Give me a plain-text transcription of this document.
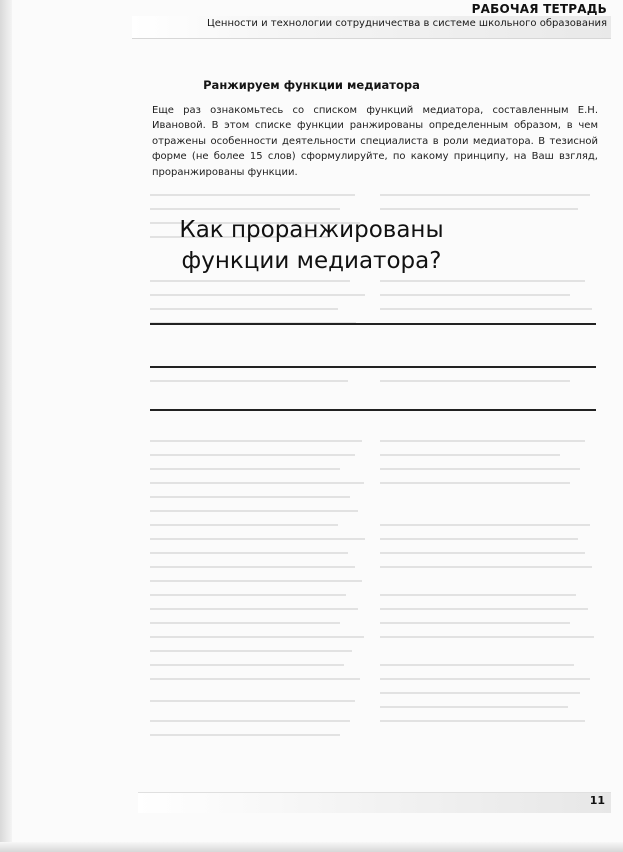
РАБОЧАЯ ТЕТРАДЬ
Ценности и технологии сотрудничества в системе школьного образования
Ранжируем функции медиатора
Еще раз ознакомьтесь со списком функций медиатора, составленным Е.Н. Ивановой. В этом списке функции ранжированы определенным образом, в чем отражены особенности деятельности специалиста в роли медиатора. В тезисной форме (не более 15 слов) сформулируйте, по какому принципу, на Ваш взгляд, проранжированы функции.
Как проранжированы
функции медиатора?
11
